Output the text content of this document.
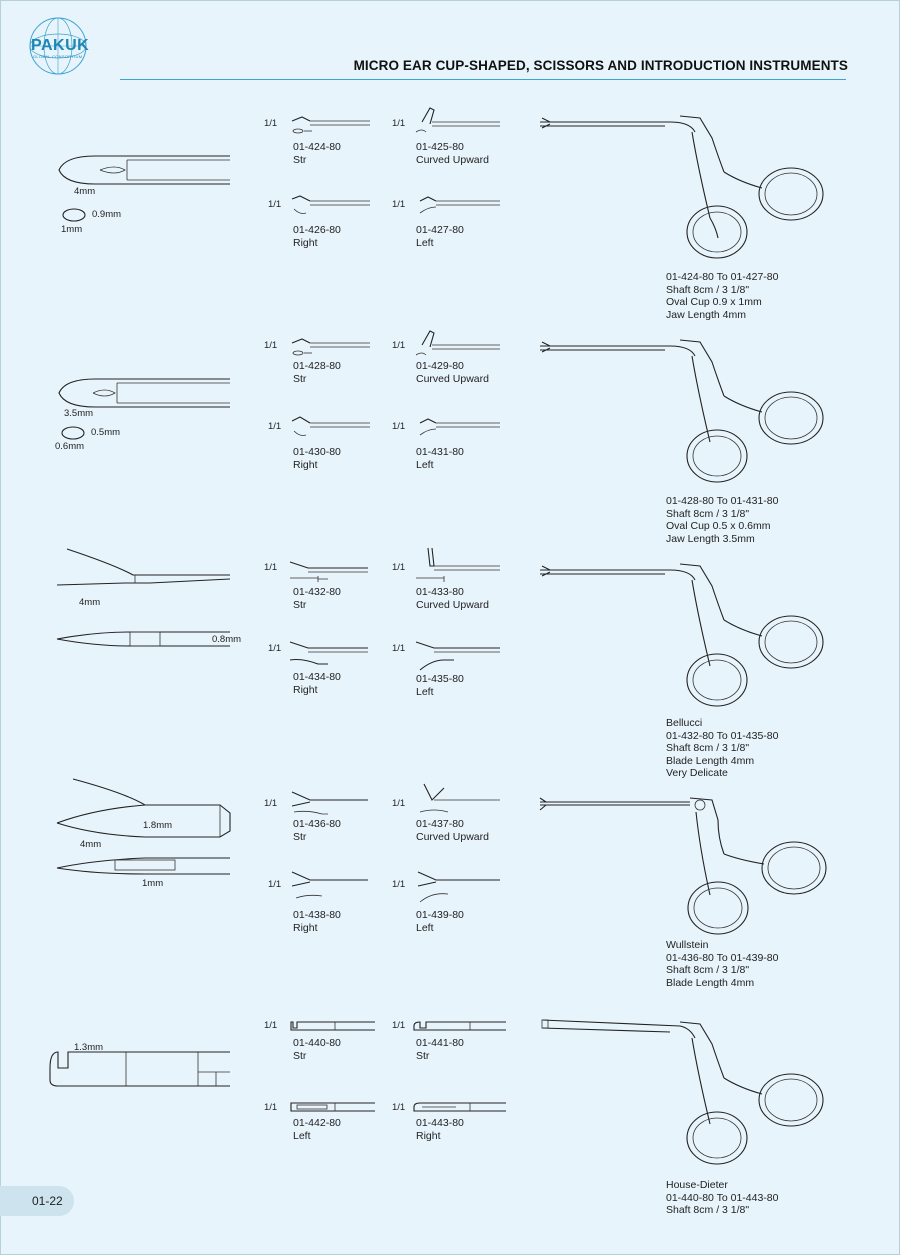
PAKUK
GLOBAL CONSORTIUM
MICRO EAR CUP-SHAPED, SCISSORS AND INTRODUCTION INSTRUMENTS
4mm
0.9mm
1mm
1/1
01-424-80
Str
1/1
01-425-80
Curved Upward
1/1
01-426-80
Right
1/1
01-427-80
Left
01-424-80 To 01-427-80
Shaft 8cm / 3 1/8"
Oval Cup 0.9 x 1mm
Jaw Length 4mm
3.5mm
0.5mm
0.6mm
1/1
01-428-80
Str
1/1
01-429-80
Curved Upward
1/1
01-430-80
Right
1/1
01-431-80
Left
01-428-80 To 01-431-80
Shaft 8cm / 3 1/8"
Oval Cup 0.5 x 0.6mm
Jaw Length 3.5mm
4mm
0.8mm
1/1
01-432-80
Str
1/1
01-433-80
Curved Upward
1/1
01-434-80
Right
1/1
01-435-80
Left
Bellucci
01-432-80 To 01-435-80
Shaft 8cm / 3 1/8"
Blade Length 4mm
Very Delicate
1.8mm
4mm
1mm
1/1
01-436-80
Str
1/1
01-437-80
Curved Upward
1/1
01-438-80
Right
1/1
01-439-80
Left
Wullstein
01-436-80 To 01-439-80
Shaft 8cm / 3 1/8"
Blade Length 4mm
1.3mm
1/1
01-440-80
Str
1/1
01-441-80
Str
1/1
01-442-80
Left
1/1
01-443-80
Right
House-Dieter
01-440-80 To 01-443-80
Shaft 8cm / 3 1/8"
01-22
